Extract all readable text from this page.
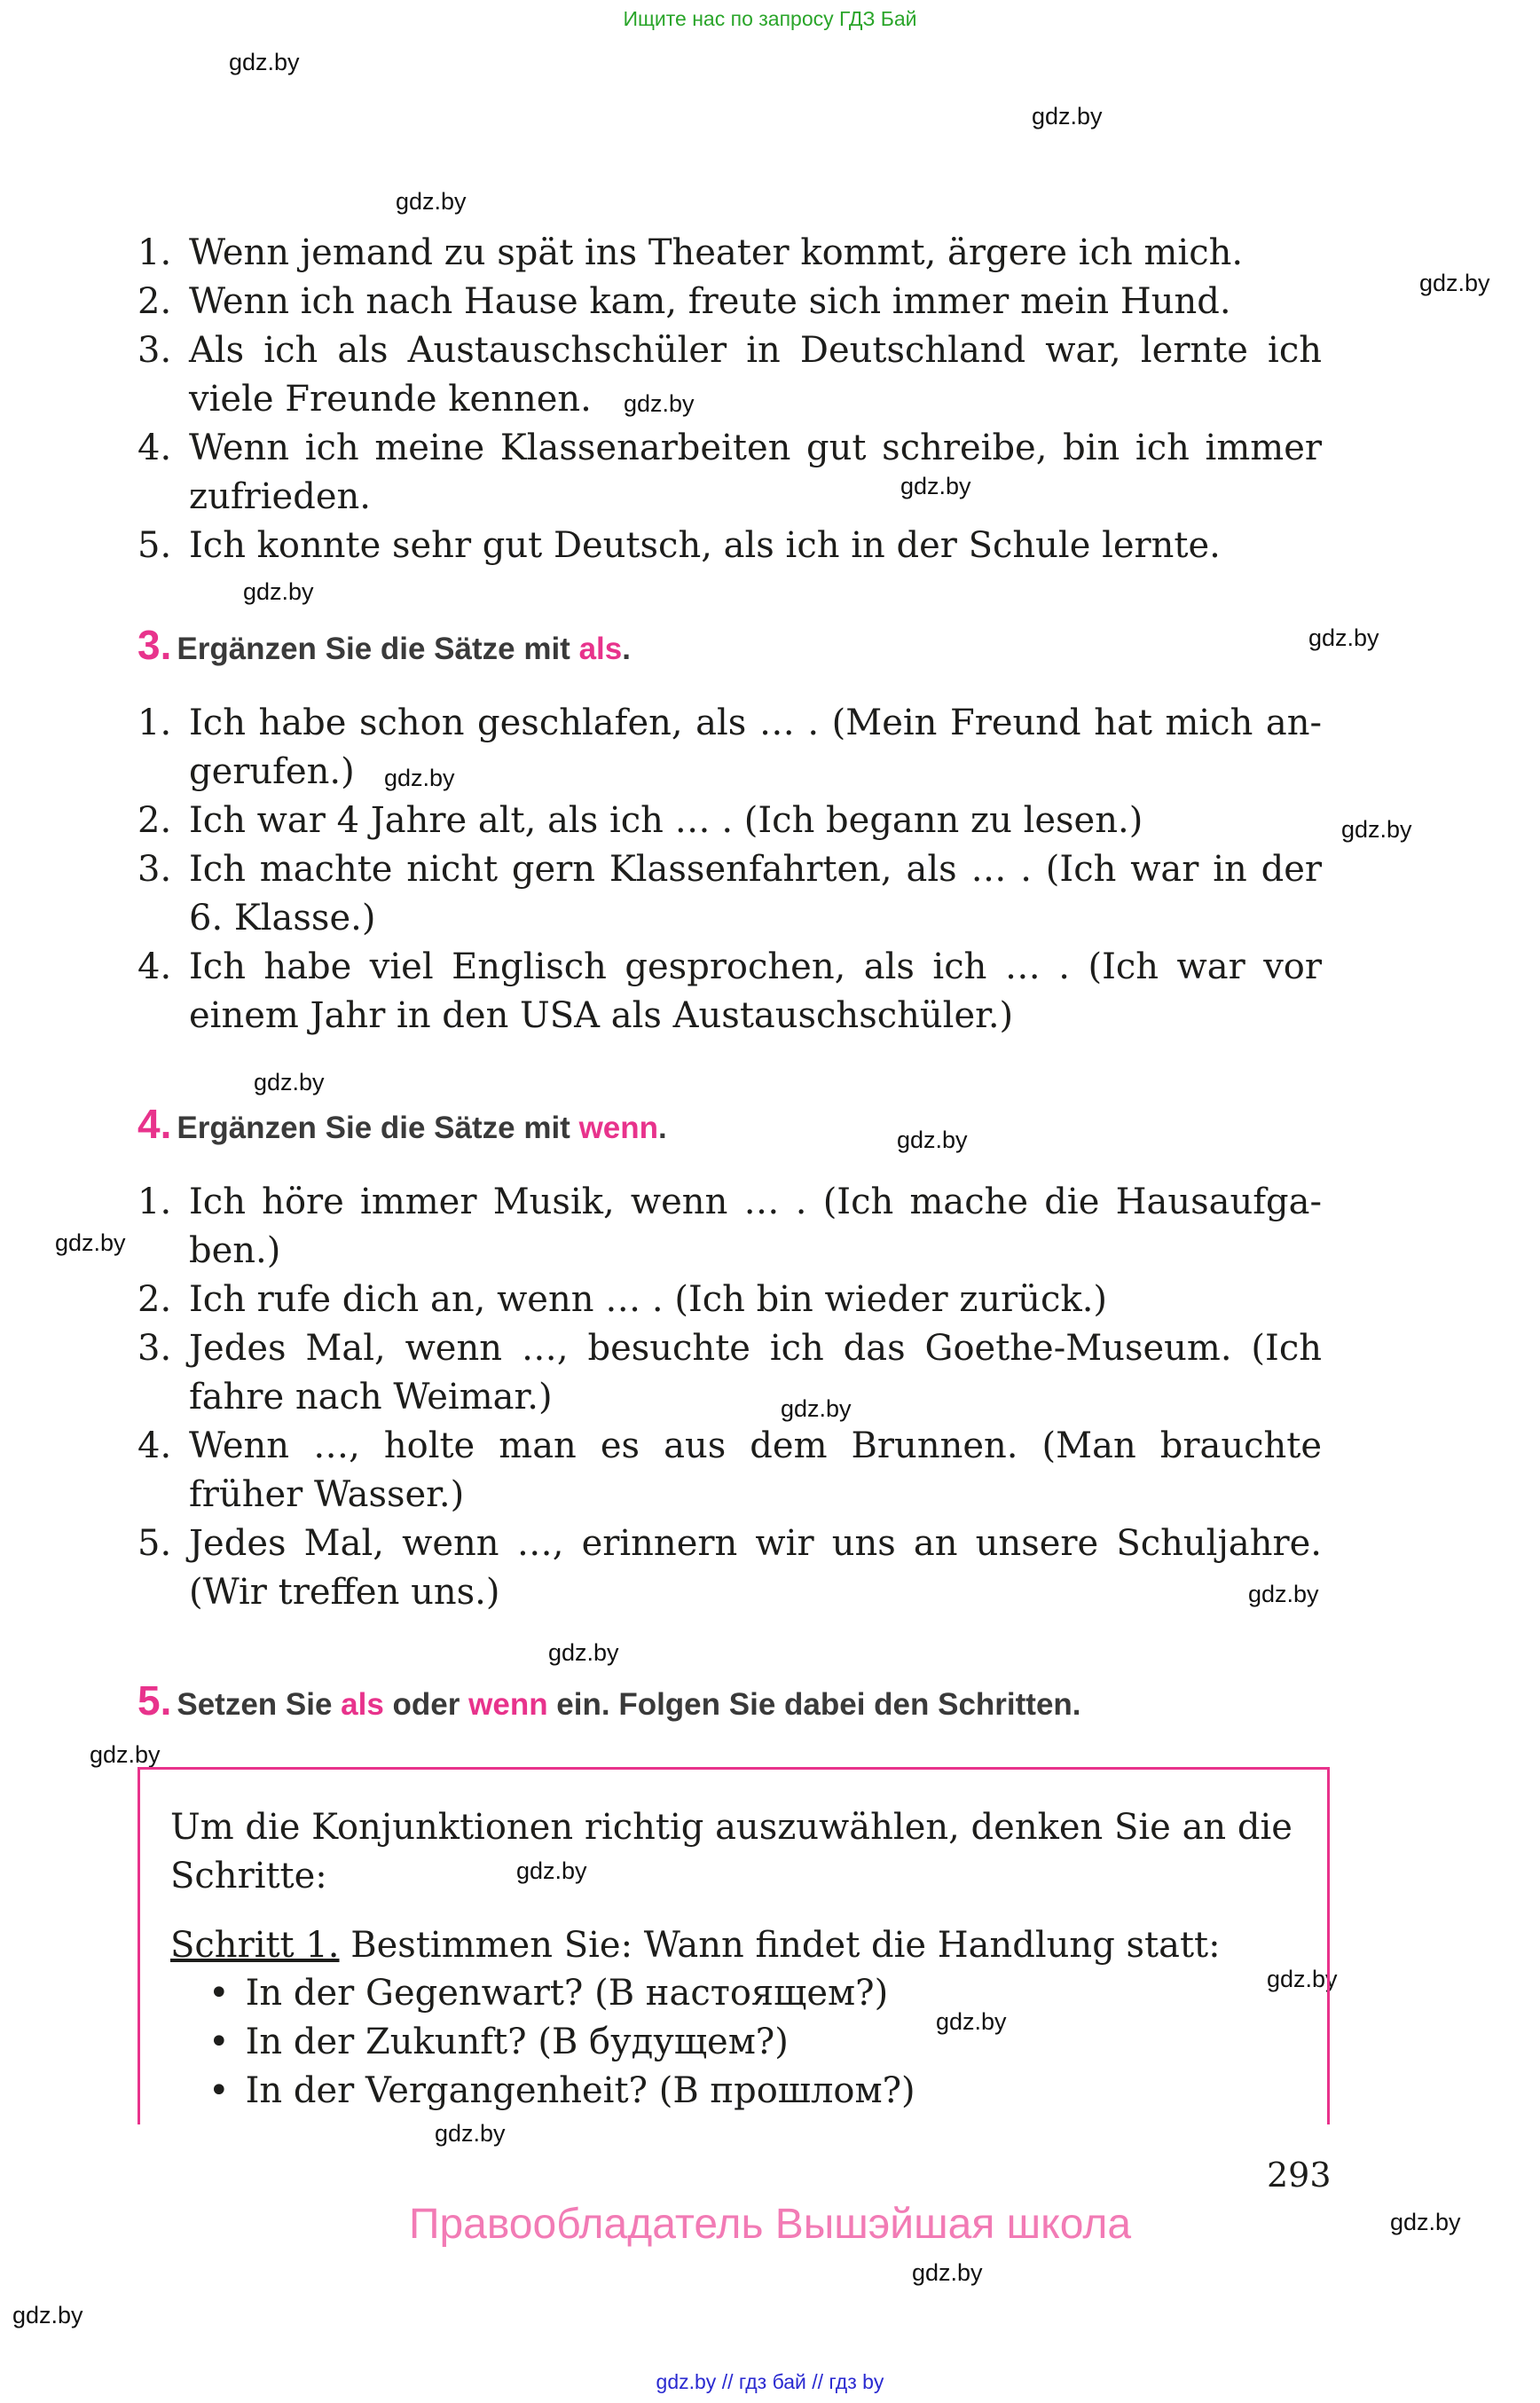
Ищите нас по запросу ГДЗ Бай
gdz.by
gdz.by
gdz.by
gdz.by
gdz.by
gdz.by
gdz.by
gdz.by
gdz.by
gdz.by
gdz.by
gdz.by
gdz.by
gdz.by
gdz.by
gdz.by
gdz.by
gdz.by
gdz.by
gdz.by
gdz.by
gdz.by
gdz.by
gdz.by
1. Wenn jemand zu spät ins Theater kommt, ärgere ich mich.
2. Wenn ich nach Hause kam, freute sich immer mein Hund.
3. Als ich als Austauschschüler in Deutschland war, lernte ich viele Freunde kennen.
4. Wenn ich meine Klassenarbeiten gut schreibe, bin ich immer zufrieden.
5. Ich konnte sehr gut Deutsch, als ich in der Schule lernte.
3. Ergänzen Sie die Sätze mit als.
1. Ich habe schon geschlafen, als … . (Mein Freund hat mich an-gerufen.)
2. Ich war 4 Jahre alt, als ich … . (Ich begann zu lesen.)
3. Ich machte nicht gern Klassenfahrten, als … . (Ich war in der 6. Klasse.)
4. Ich habe viel Englisch gesprochen, als ich … . (Ich war vor einem Jahr in den USA als Austauschschüler.)
4. Ergänzen Sie die Sätze mit wenn.
1. Ich höre immer Musik, wenn … . (Ich mache die Hausaufga-ben.)
2. Ich rufe dich an, wenn … . (Ich bin wieder zurück.)
3. Jedes Mal, wenn …, besuchte ich das Goethe-Museum. (Ich fahre nach Weimar.)
4. Wenn …, holte man es aus dem Brunnen. (Man brauchte früher Wasser.)
5. Jedes Mal, wenn …, erinnern wir uns an unsere Schuljahre. (Wir treffen uns.)
5. Setzen Sie als oder wenn ein. Folgen Sie dabei den Schritten.
Um die Konjunktionen richtig auszuwählen, denken Sie an die Schritte:
Schritt 1. Bestimmen Sie: Wann findet die Handlung statt:
• In der Gegenwart? (В настоящем?)
• In der Zukunft? (В будущем?)
• In der Vergangenheit? (В прошлом?)
293
Правообладатель Вышэйшая школа
gdz.by // гдз бай // гдз by
